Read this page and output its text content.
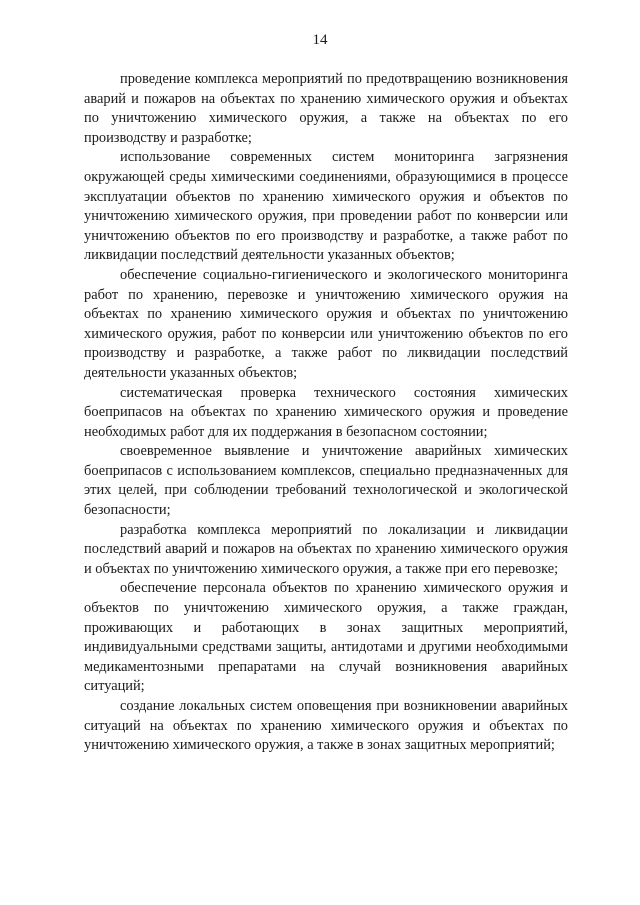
14

проведение комплекса мероприятий по предотвращению возникновения аварий и пожаров на объектах по хранению химического оружия и объектах по уничтожению химического оружия, а также на объектах по его производству и разработке;

использование современных систем мониторинга загрязнения окружающей среды химическими соединениями, образующимися в процессе эксплуатации объектов по хранению химического оружия и объектов по уничтожению химического оружия, при проведении работ по конверсии или уничтожению объектов по его производству и разработке, а также работ по ликвидации последствий деятельности указанных объектов;

обеспечение социально-гигиенического и экологического мониторинга работ по хранению, перевозке и уничтожению химического оружия на объектах по хранению химического оружия и объектах по уничтожению химического оружия, работ по конверсии или уничтожению объектов по его производству и разработке, а также работ по ликвидации последствий деятельности указанных объектов;

систематическая проверка технического состояния химических боеприпасов на объектах по хранению химического оружия и проведение необходимых работ для их поддержания в безопасном состоянии;

своевременное выявление и уничтожение аварийных химических боеприпасов с использованием комплексов, специально предназначенных для этих целей, при соблюдении требований технологической и экологической безопасности;

разработка комплекса мероприятий по локализации и ликвидации последствий аварий и пожаров на объектах по хранению химического оружия и объектах по уничтожению химического оружия, а также при его перевозке;

обеспечение персонала объектов по хранению химического оружия и объектов по уничтожению химического оружия, а также граждан, проживающих и работающих в зонах защитных мероприятий, индивидуальными средствами защиты, антидотами и другими необходимыми медикаментозными препаратами на случай возникновения аварийных ситуаций;

создание локальных систем оповещения при возникновении аварийных ситуаций на объектах по хранению химического оружия и объектах по уничтожению химического оружия, а также в зонах защитных мероприятий;
